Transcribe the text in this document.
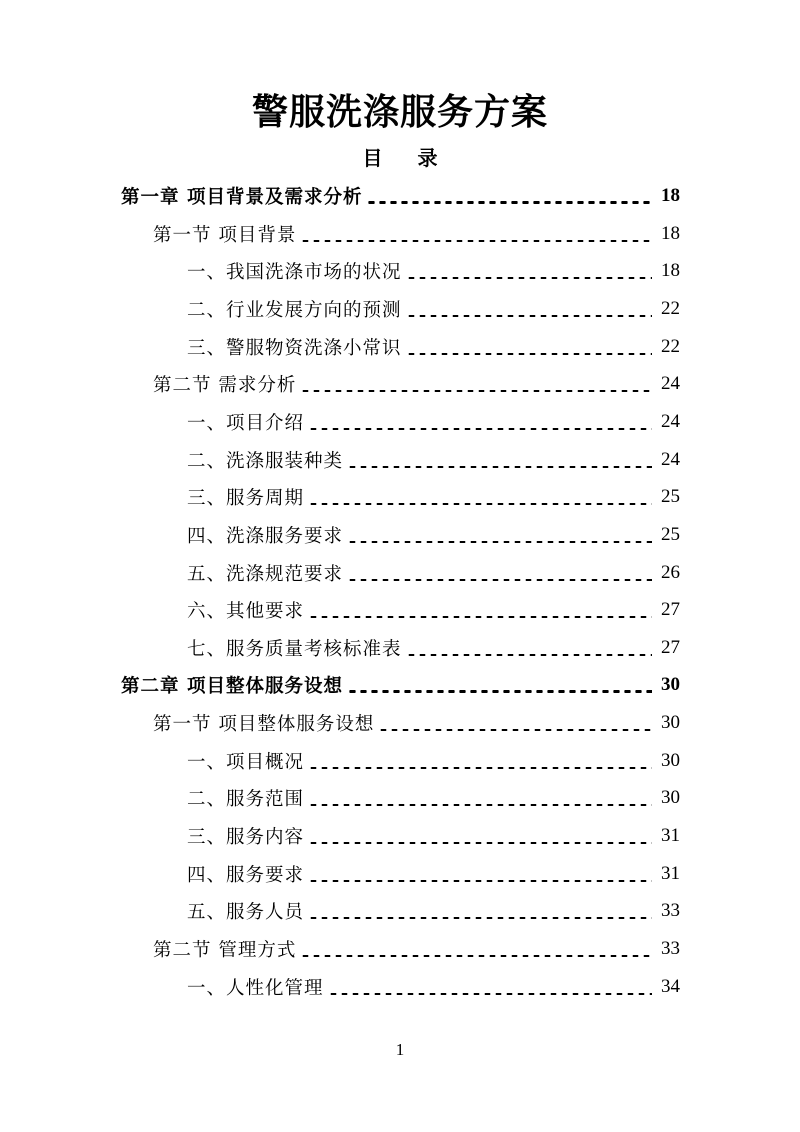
警服洗涤服务方案
目 录
第一章 项目背景及需求分析	18
第一节 项目背景	18
一、我国洗涤市场的状况	18
二、行业发展方向的预测	22
三、警服物资洗涤小常识	22
第二节 需求分析	24
一、项目介绍	24
二、洗涤服装种类	24
三、服务周期	25
四、洗涤服务要求	25
五、洗涤规范要求	26
六、其他要求	27
七、服务质量考核标准表	27
第二章 项目整体服务设想	30
第一节 项目整体服务设想	30
一、项目概况	30
二、服务范围	30
三、服务内容	31
四、服务要求	31
五、服务人员	33
第二节 管理方式	33
一、人性化管理	34
1
